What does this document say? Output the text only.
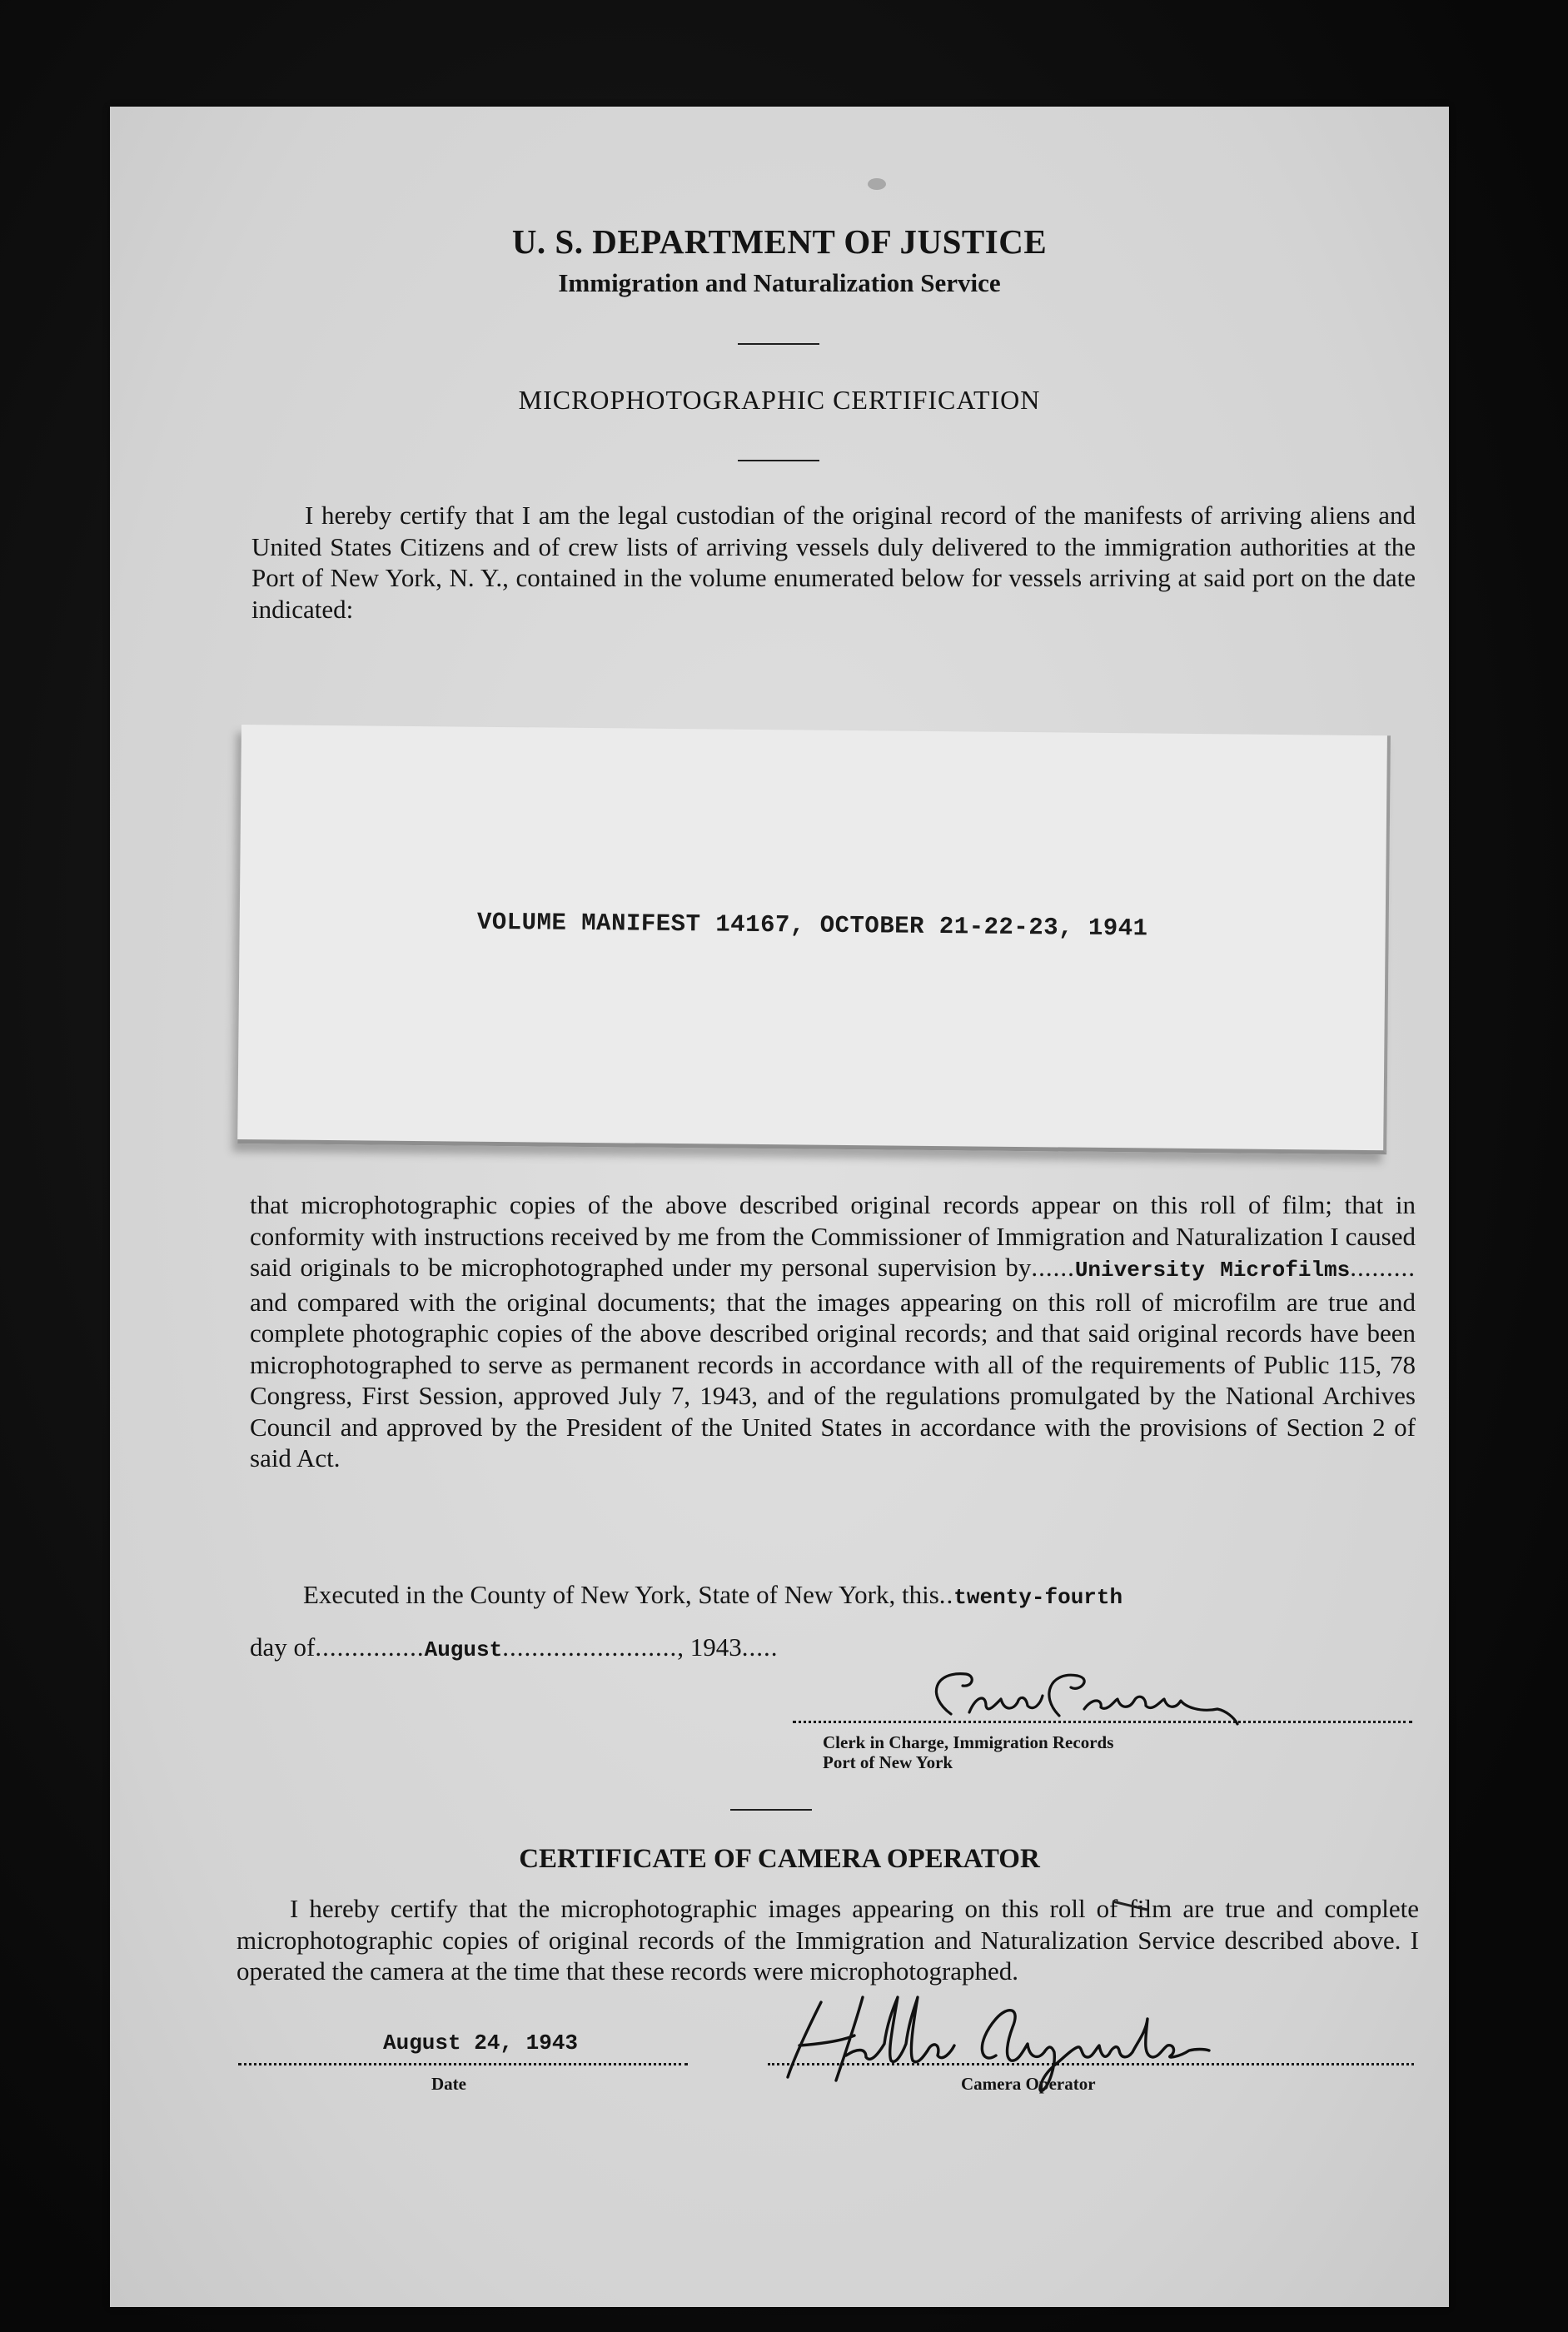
U. S. DEPARTMENT OF JUSTICE
Immigration and Naturalization Service
MICROPHOTOGRAPHIC CERTIFICATION
I hereby certify that I am the legal custodian of the original record of the manifests of arriving aliens and United States Citizens and of crew lists of arriving vessels duly delivered to the immigration authorities at the Port of New York, N. Y., contained in the volume enumerated below for vessels arriving at said port on the date indicated:
VOLUME MANIFEST 14167, OCTOBER 21-22-23, 1941
that microphotographic copies of the above described original records appear on this roll of film; that in conformity with instructions received by me from the Commissioner of Immigration and Naturalization I caused said originals to be microphotographed under my personal supervision by......University Microfilms......... and compared with the original documents; that the images appearing on this roll of microfilm are true and complete photographic copies of the above described original records; and that said original records have been microphotographed to serve as permanent records in accordance with all of the requirements of Public 115, 78 Congress, First Session, approved July 7, 1943, and of the regulations promulgated by the National Archives Council and approved by the President of the United States in accordance with the provisions of Section 2 of said Act.
Executed in the County of New York, State of New York, this..twenty-fourth
day of...............August........................, 1943.....
Clerk in Charge, Immigration Records
Port of New York
CERTIFICATE OF CAMERA OPERATOR
I hereby certify that the microphotographic images appearing on this roll of film are true and complete microphotographic copies of original records of the Immigration and Naturalization Service described above. I operated the camera at the time that these records were microphotographed.
August 24, 1943
Date	Camera Operator
